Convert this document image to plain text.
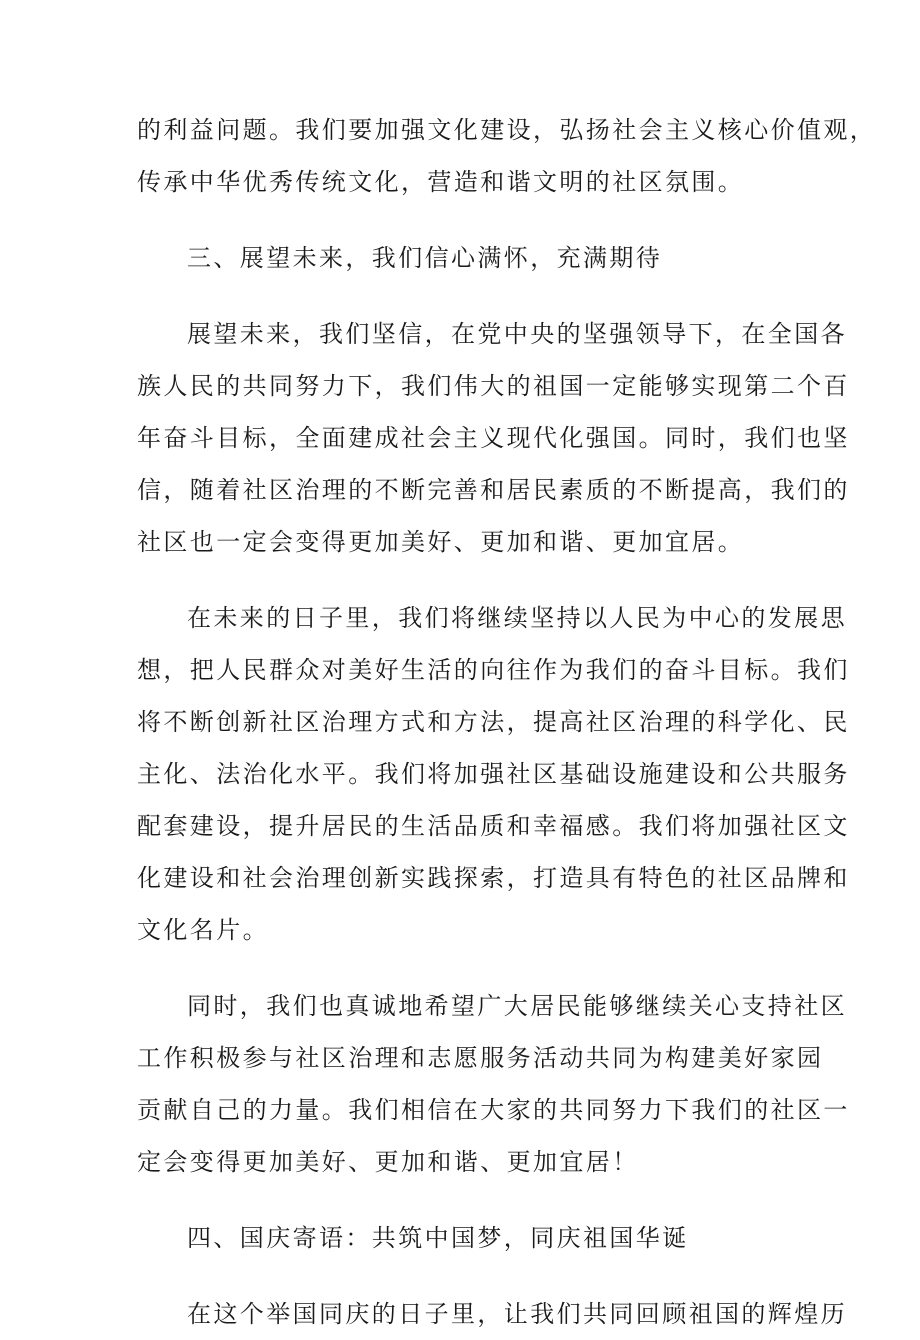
的利益问题。我们要加强文化建设，弘扬社会主义核心价值观，
传承中华优秀传统文化，营造和谐文明的社区氛围。
三、展望未来，我们信心满怀，充满期待
展望未来，我们坚信，在党中央的坚强领导下，在全国各
族人民的共同努力下，我们伟大的祖国一定能够实现第二个百
年奋斗目标，全面建成社会主义现代化强国。同时，我们也坚
信，随着社区治理的不断完善和居民素质的不断提高，我们的
社区也一定会变得更加美好、更加和谐、更加宜居。
在未来的日子里，我们将继续坚持以人民为中心的发展思
想，把人民群众对美好生活的向往作为我们的奋斗目标。我们
将不断创新社区治理方式和方法，提高社区治理的科学化、民
主化、法治化水平。我们将加强社区基础设施建设和公共服务
配套建设，提升居民的生活品质和幸福感。我们将加强社区文
化建设和社会治理创新实践探索，打造具有特色的社区品牌和
文化名片。
同时，我们也真诚地希望广大居民能够继续关心支持社区
工作积极参与社区治理和志愿服务活动共同为构建美好家园
贡献自己的力量。我们相信在大家的共同努力下我们的社区一
定会变得更加美好、更加和谐、更加宜居！
四、国庆寄语：共筑中国梦，同庆祖国华诞
在这个举国同庆的日子里，让我们共同回顾祖国的辉煌历
